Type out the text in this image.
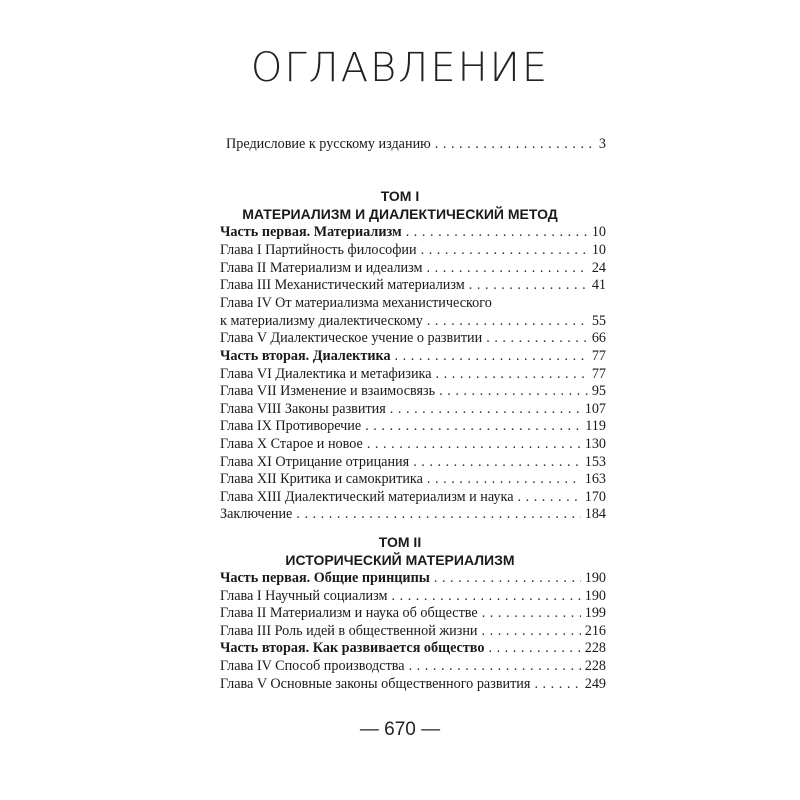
ОГЛАВЛЕНИЕ
Предисловие к русскому изданию . . .	3
ТОМ I
МАТЕРИАЛИЗМ И ДИАЛЕКТИЧЕСКИЙ МЕТОД
Часть первая. Материализм . . .	10
Глава I Партийность философии . . .	10
Глава II Материализм и идеализм . . .	24
Глава III Механистический материализм . . .	41
Глава IV От материализма механистического
к материализму диалектическому . . .	55
Глава V Диалектическое учение о развитии . . .	66
Часть вторая. Диалектика . . .	77
Глава VI Диалектика и метафизика . . .	77
Глава VII Изменение и взаимосвязь . . .	95
Глава VIII Законы развития . . .	107
Глава IX Противоречие . . .	119
Глава X Старое и новое . . .	130
Глава XI Отрицание отрицания . . .	153
Глава XII Критика и самокритика . . .	163
Глава XIII Диалектический материализм и наука . . .	170
Заключение . . .	184
ТОМ II
ИСТОРИЧЕСКИЙ МАТЕРИАЛИЗМ
Часть первая. Общие принципы . . .	190
Глава I Научный социализм . . .	190
Глава II Материализм и наука об обществе . . .	199
Глава III Роль идей в общественной жизни . . .	216
Часть вторая. Как развивается общество . . .	228
Глава IV Способ производства . . .	228
Глава V Основные законы общественного развития . . .	249
— 670 —
